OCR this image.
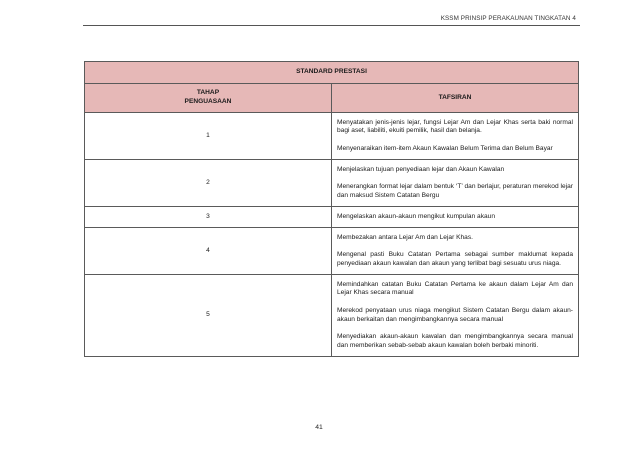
KSSM PRINSIP PERAKAUNAN TINGKATAN 4
STANDARD PRESTASI	
TAHAP
PENGUASAAN	TAFSIRAN
1	Menyatakan jenis-jenis lejar, fungsi Lejar Am dan Lejar Khas serta baki normal bagi aset, liabiliti, ekuiti pemilik, hasil dan belanja.

Menyenaraikan item-item Akaun Kawalan Belum Terima dan Belum Bayar

2	Menjelaskan tujuan penyediaan lejar dan Akaun Kawalan

Menerangkan format lejar dalam bentuk ‘T’ dan berlajur, peraturan merekod lejar dan maksud Sistem Catatan Bergu

3	Mengelaskan akaun-akaun mengikut kumpulan akaun

4	Membezakan antara Lejar Am dan Lejar Khas.

Mengenal pasti Buku Catatan Pertama sebagai sumber maklumat kepada penyediaan akaun kawalan dan akaun yang terlibat bagi sesuatu urus niaga.

5	Memindahkan catatan Buku Catatan Pertama ke akaun dalam Lejar Am dan Lejar Khas secara manual

Merekod penyataan urus niaga mengikut Sistem Catatan Bergu dalam akaun-akaun berkaitan dan mengimbangkannya secara manual

Menyediakan akaun-akaun kawalan dan mengimbangkannya secara manual dan memberikan sebab-sebab akaun kawalan boleh berbaki minoriti.

41
